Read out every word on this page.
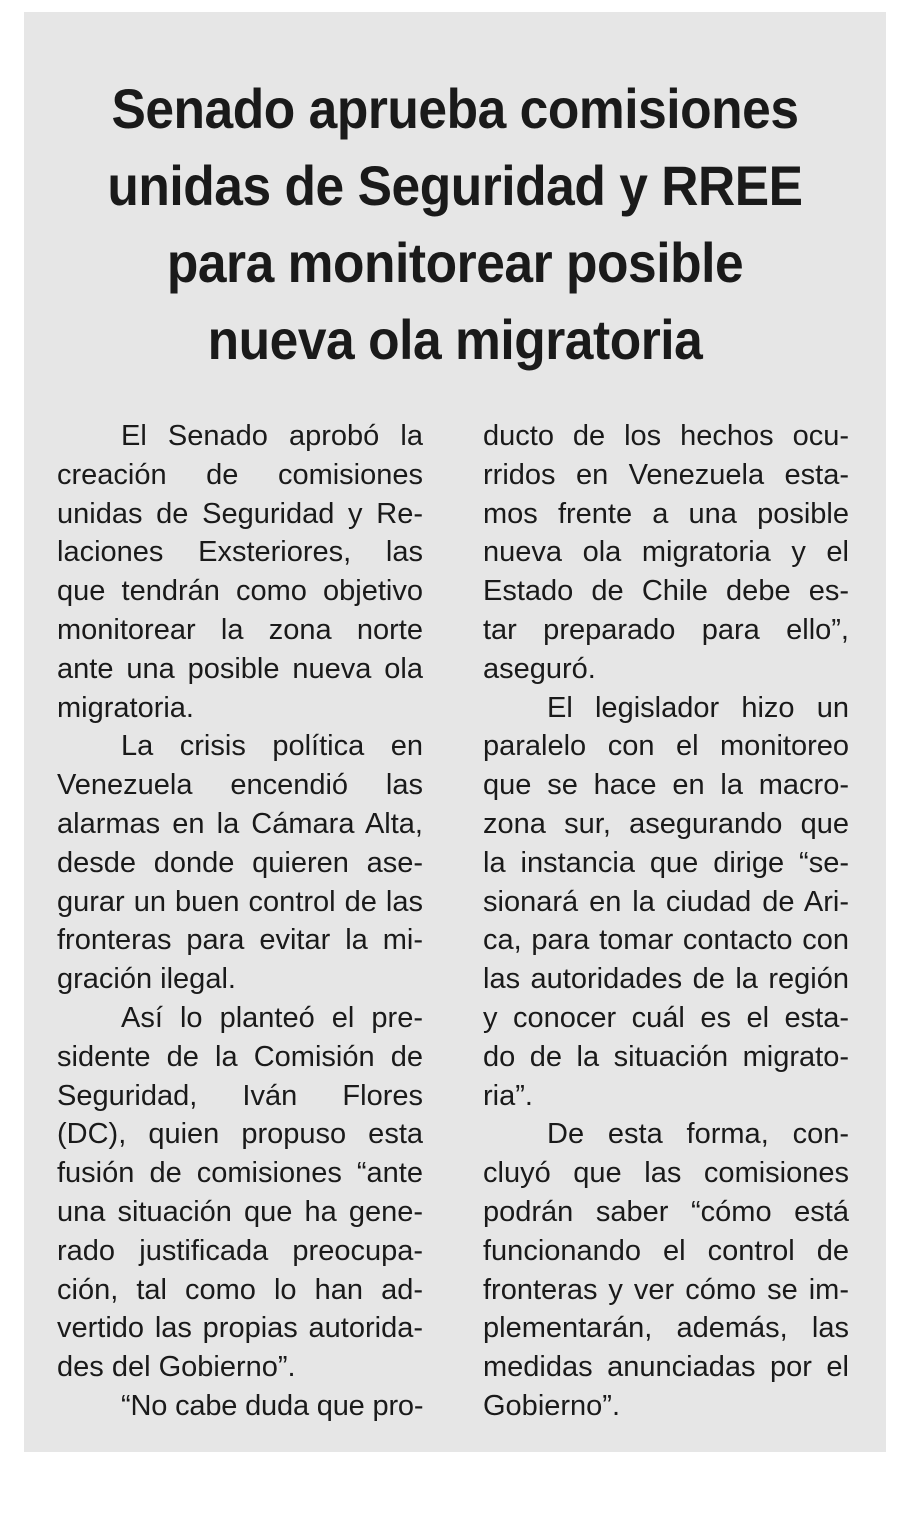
Senado aprueba comisiones
unidas de Seguridad y RREE
para monitorear posible
nueva ola migratoria
El Senado aprobó la
creación de comisiones
unidas de Seguridad y Re-
laciones Exsteriores, las
que tendrán como objetivo
monitorear la zona norte
ante una posible nueva ola
migratoria.
La crisis política en
Venezuela encendió las
alarmas en la Cámara Alta,
desde donde quieren ase-
gurar un buen control de las
fronteras para evitar la mi-
gración ilegal.
Así lo planteó el pre-
sidente de la Comisión de
Seguridad, Iván Flores
(DC), quien propuso esta
fusión de comisiones “ante
una situación que ha gene-
rado justificada preocupa-
ción, tal como lo han ad-
vertido las propias autorida-
des del Gobierno”.
“No cabe duda que pro-
ducto de los hechos ocu-
rridos en Venezuela esta-
mos frente a una posible
nueva ola migratoria y el
Estado de Chile debe es-
tar preparado para ello”,
aseguró.
El legislador hizo un
paralelo con el monitoreo
que se hace en la macro-
zona sur, asegurando que
la instancia que dirige “se-
sionará en la ciudad de Ari-
ca, para tomar contacto con
las autoridades de la región
y conocer cuál es el esta-
do de la situación migrato-
ria”.
De esta forma, con-
cluyó que las comisiones
podrán saber “cómo está
funcionando el control de
fronteras y ver cómo se im-
plementarán, además, las
medidas anunciadas por el
Gobierno”.
